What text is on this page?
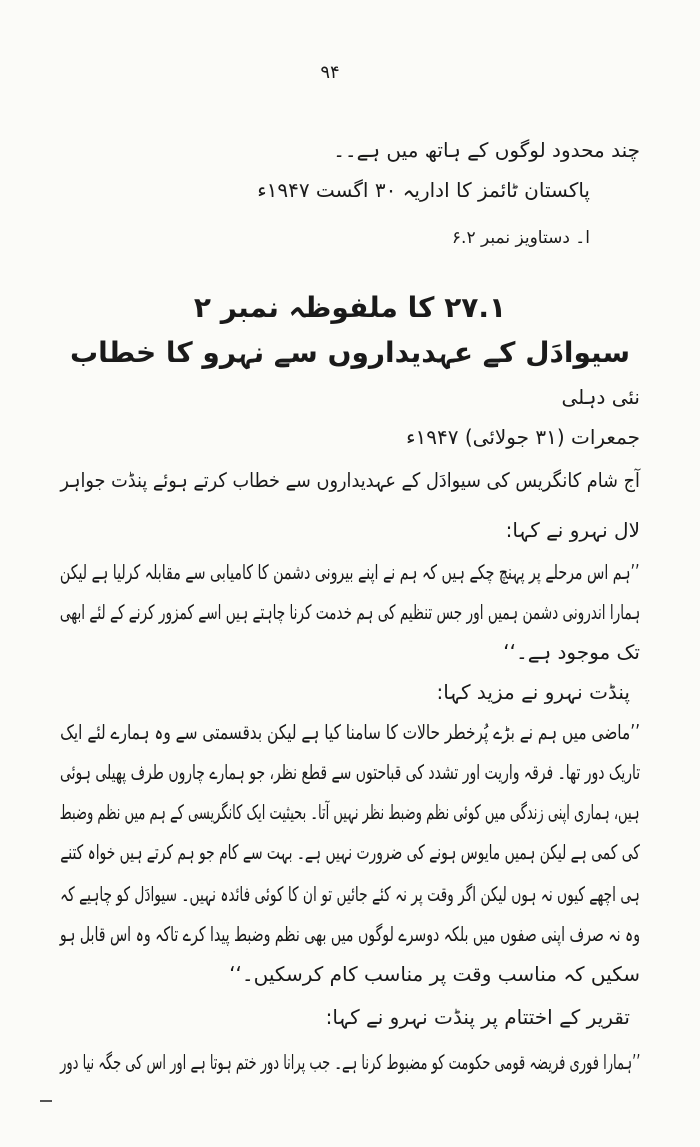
۹۴
چند محدود لوگوں کے ہاتھ میں ہے۔۔
پاکستان ٹائمز کا اداریہ ۳۰ اگست ۱۹۴۷ء
ا۔ دستاویز نمبر ۶.۲
۲۷.۱ کا ملفوظہ نمبر ۲
سیوادَل کے عہدیداروں سے نہرو کا خطاب
نئی دہلی
جمعرات (۳۱ جولائی) ۱۹۴۷ء
آج شام کانگریس کی سیوادَل کے عہدیداروں سے خطاب کرتے ہوئے پنڈت جواہر
لال نہرو نے کہا:
’’ہم اس مرحلے پر پہنچ چکے ہیں کہ ہم نے اپنے بیرونی دشمن کا کامیابی سے مقابلہ کرلیا ہے لیکن
ہمارا اندرونی دشمن ہمیں اور جس تنظیم کی ہم خدمت کرنا چاہتے ہیں اسے کمزور کرنے کے لئے ابھی
تک موجود ہے۔‘‘
پنڈت نہرو نے مزید کہا:
’’ماضی میں ہم نے بڑے پُرخطر حالات کا سامنا کیا ہے لیکن بدقسمتی سے وہ ہمارے لئے ایک
تاریک دور تھا۔ فرقہ واریت اور تشدد کی قباحتوں سے قطع نظر، جو ہمارے چاروں طرف پھیلی ہوئی
ہیں، ہماری اپنی زندگی میں کوئی نظم وضبط نظر نہیں آتا۔ بحیثیت ایک کانگریسی کے ہم میں نظم وضبط
کی کمی ہے لیکن ہمیں مایوس ہونے کی ضرورت نہیں ہے۔ بہت سے کام جو ہم کرتے ہیں خواہ کتنے
ہی اچھے کیوں نہ ہوں لیکن اگر وقت پر نہ کئے جائیں تو ان کا کوئی فائدہ نہیں۔ سیوادَل کو چاہیے کہ
وہ نہ صرف اپنی صفوں میں بلکہ دوسرے لوگوں میں بھی نظم وضبط پیدا کرے تاکہ وہ اس قابل ہو
سکیں کہ مناسب وقت پر مناسب کام کرسکیں۔‘‘
تقریر کے اختتام پر پنڈت نہرو نے کہا:
’’ہمارا فوری فریضہ قومی حکومت کو مضبوط کرنا ہے۔ جب پرانا دور ختم ہوتا ہے اور اس کی جگہ نیا دور
